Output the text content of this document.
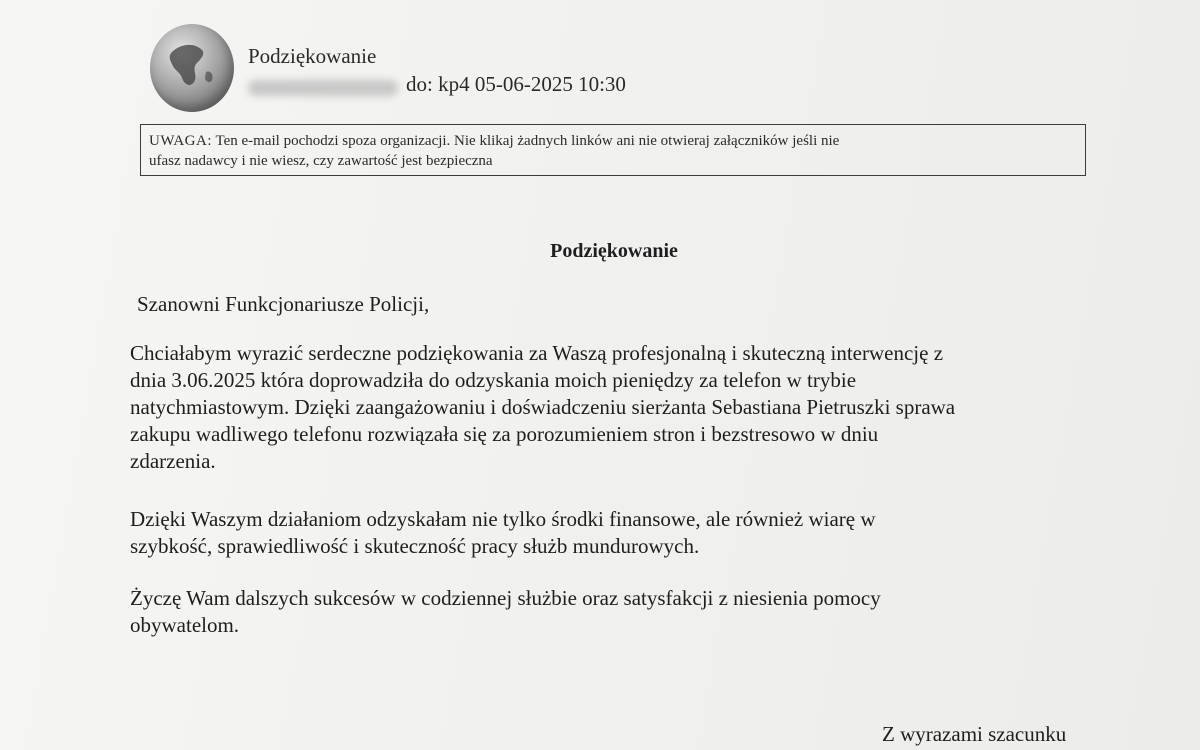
Podziękowanie
do: kp4 05-06-2025 10:30
UWAGA: Ten e-mail pochodzi spoza organizacji. Nie klikaj żadnych linków ani nie otwieraj załączników jeśli nie
ufasz nadawcy i nie wiesz, czy zawartość jest bezpieczna
Podziękowanie
Szanowni Funkcjonariusze Policji,
Chciałabym wyrazić serdeczne podziękowania za Waszą profesjonalną i skuteczną interwencję z
dnia 3.06.2025 która doprowadziła do odzyskania moich pieniędzy za telefon w trybie
natychmiastowym. Dzięki zaangażowaniu i doświadczeniu sierżanta Sebastiana Pietruszki sprawa
zakupu wadliwego telefonu rozwiązała się za porozumieniem stron i bezstresowo w dniu
zdarzenia.
Dzięki Waszym działaniom odzyskałam nie tylko środki finansowe, ale również wiarę w
szybkość, sprawiedliwość i skuteczność pracy służb mundurowych.
Życzę Wam dalszych sukcesów w codziennej służbie oraz satysfakcji z niesienia pomocy
obywatelom.
Z wyrazami szacunku
